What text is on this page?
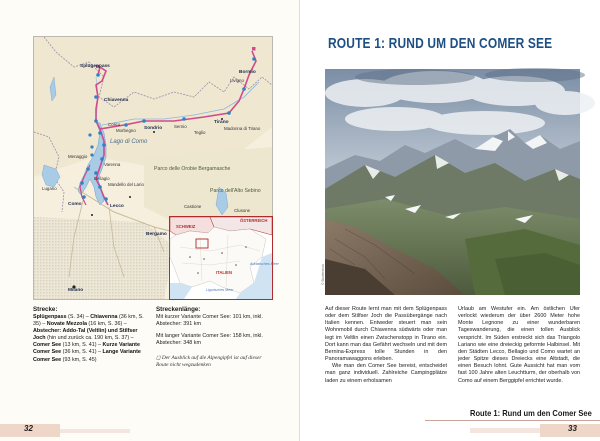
Splügenpass
Chiavenna
Bormio
Livigno
Sondrio
Tirano
Sernio
Morbegno	Teglio
Madonna di Tirano
Lago di Como
Menaggio
Bellagio
Colico
Varenna
Mandello del Lario
Lugano
Como	Lecco
Parco delle Orobie Bergamasche
Parco dell'Alto Sebino
Castione
Clusone
Bergamo
Milano
ÖSTERREICH
SCHWEIZ
ITALIEN
Adriatisches Meer
Ligurisches Meer
Strecke:

Splügenpass (S. 34) – Chiavenna (36 km, S. 35) – Novate Mezzola (16 km, S. 36) – Abstecher: Addo-Tal (Veltlin) und Stilfser Joch (hin und zurück ca. 190 km, S. 37) – Comer See (13 km, S. 41) – Kurze Variante Comer See (36 km, S. 41) – Lange Variante Comer See (93 km, S. 45)

Streckenlänge:

Mit kurzer Variante Comer See: 101 km, inkl. Abstecher: 391 km

Mit langer Variante Comer See: 158 km, inkl. Abstecher: 348 km

◻ Der Ausblick auf die Alpengipfel ist auf dieser Route nicht wegzudenken
32
ROUTE 1: RUND UM DEN COMER SEE
© Shutterstock

Auf dieser Route lernt man mit dem Splügenpass oder dem Stilfser Joch die Passübergänge nach Italien kennen. Entweder steuert man sein Wohnmobil durch Chiavenna südwärts oder man legt im Veltlin einen Zwischenstopp in Tirano ein. Dort kann man das Gefährt wechseln und mit dem Bernina-Express tolle Stunden in den Panoramawaggons erleben.

Wie man den Comer See bereist, entscheidet man ganz individuell. Zahlreiche Campingplätze laden zu einem erholsamen

Urlaub am Westufer ein. Am östlichen Ufer verlockt wiederum der über 2600 Meter hohe Monte Legnone zu einer wunderbaren Tageswanderung, die einen tollen Ausblick verspricht. Im Süden erstreckt sich das Triangolo Lariano wie eine dreieckig geformte Halbinsel. Mit den Städten Lecco, Bellagio und Como wartet an jeder Spitze dieses Dreiecks eine Altstadt, die einen Besuch lohnt. Gute Aussicht hat man vom fast 100 Jahre alten Leuchtturm, der oberhalb von Como auf einem Berggipfel errichtet wurde.

Route 1: Rund um den Comer See
33
